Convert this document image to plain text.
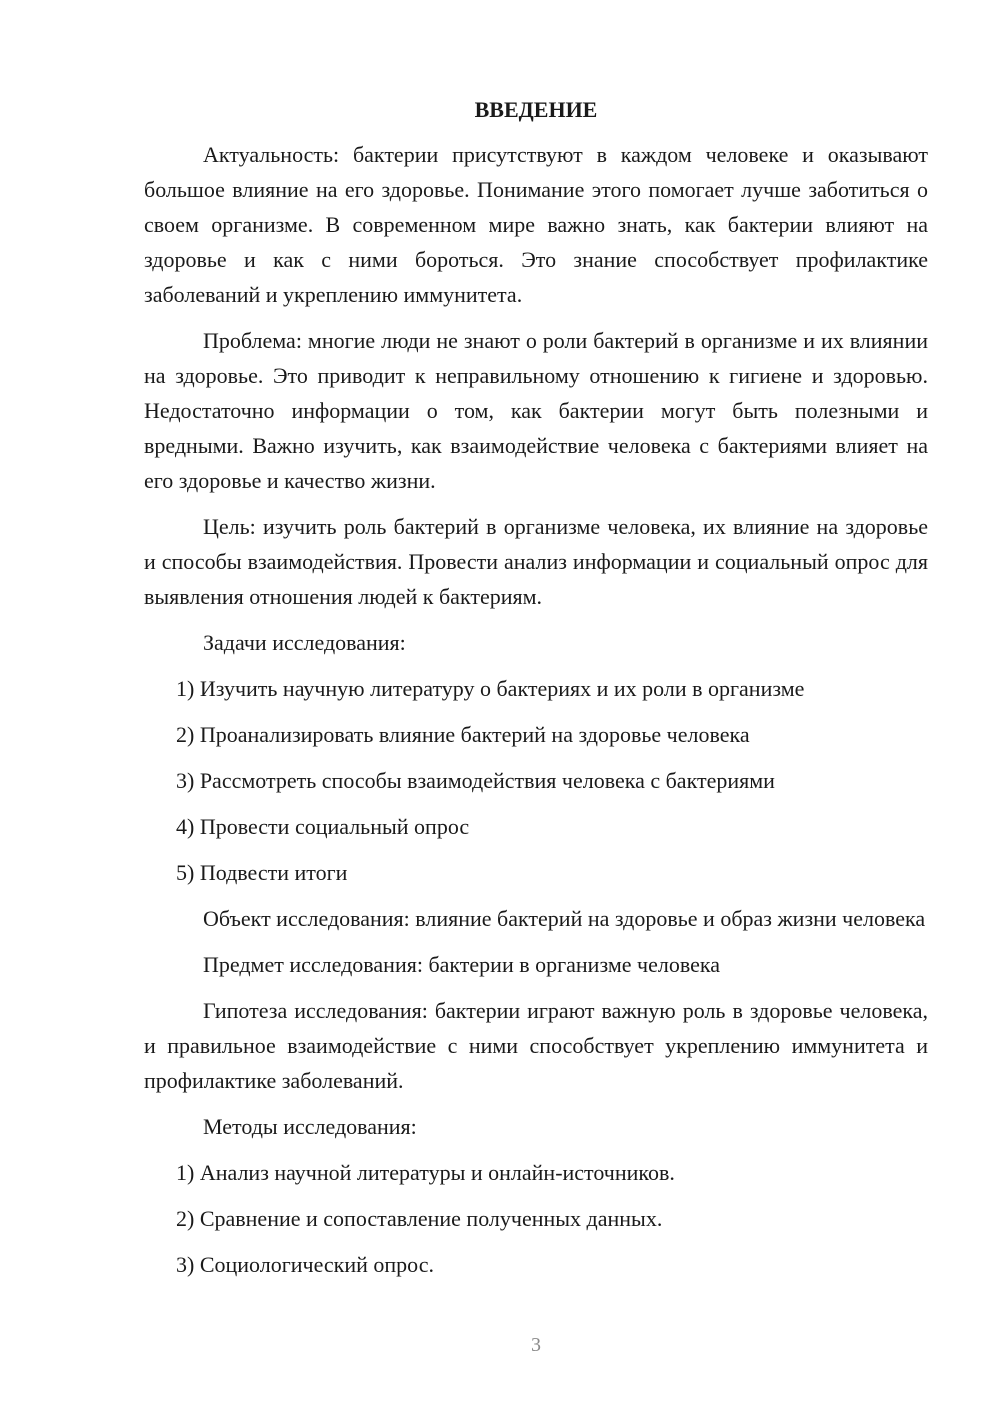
ВВЕДЕНИЕ

Актуальность: бактерии присутствуют в каждом человеке и оказывают большое влияние на его здоровье. Понимание этого помогает лучше заботиться о своем организме. В современном мире важно знать, как бактерии влияют на здоровье и как с ними бороться. Это знание способствует профилактике заболеваний и укреплению иммунитета.

Проблема: многие люди не знают о роли бактерий в организме и их влиянии на здоровье. Это приводит к неправильному отношению к гигиене и здоровью. Недостаточно информации о том, как бактерии могут быть полезными и вредными. Важно изучить, как взаимодействие человека с бактериями влияет на его здоровье и качество жизни.

Цель: изучить роль бактерий в организме человека, их влияние на здоровье и способы взаимодействия. Провести анализ информации и социальный опрос для выявления отношения людей к бактериям.

Задачи исследования:

1) Изучить научную литературу о бактериях и их роли в организме

2) Проанализировать влияние бактерий на здоровье человека

3) Рассмотреть способы взаимодействия человека с бактериями

4) Провести социальный опрос

5) Подвести итоги

Объект исследования: влияние бактерий на здоровье и образ жизни человека

Предмет исследования: бактерии в организме человека

Гипотеза исследования: бактерии играют важную роль в здоровье человека, и правильное взаимодействие с ними способствует укреплению иммунитета и профилактике заболеваний.

Методы исследования:

1) Анализ научной литературы и онлайн-источников.

2) Сравнение и сопоставление полученных данных.

3) Социологический опрос.

3
